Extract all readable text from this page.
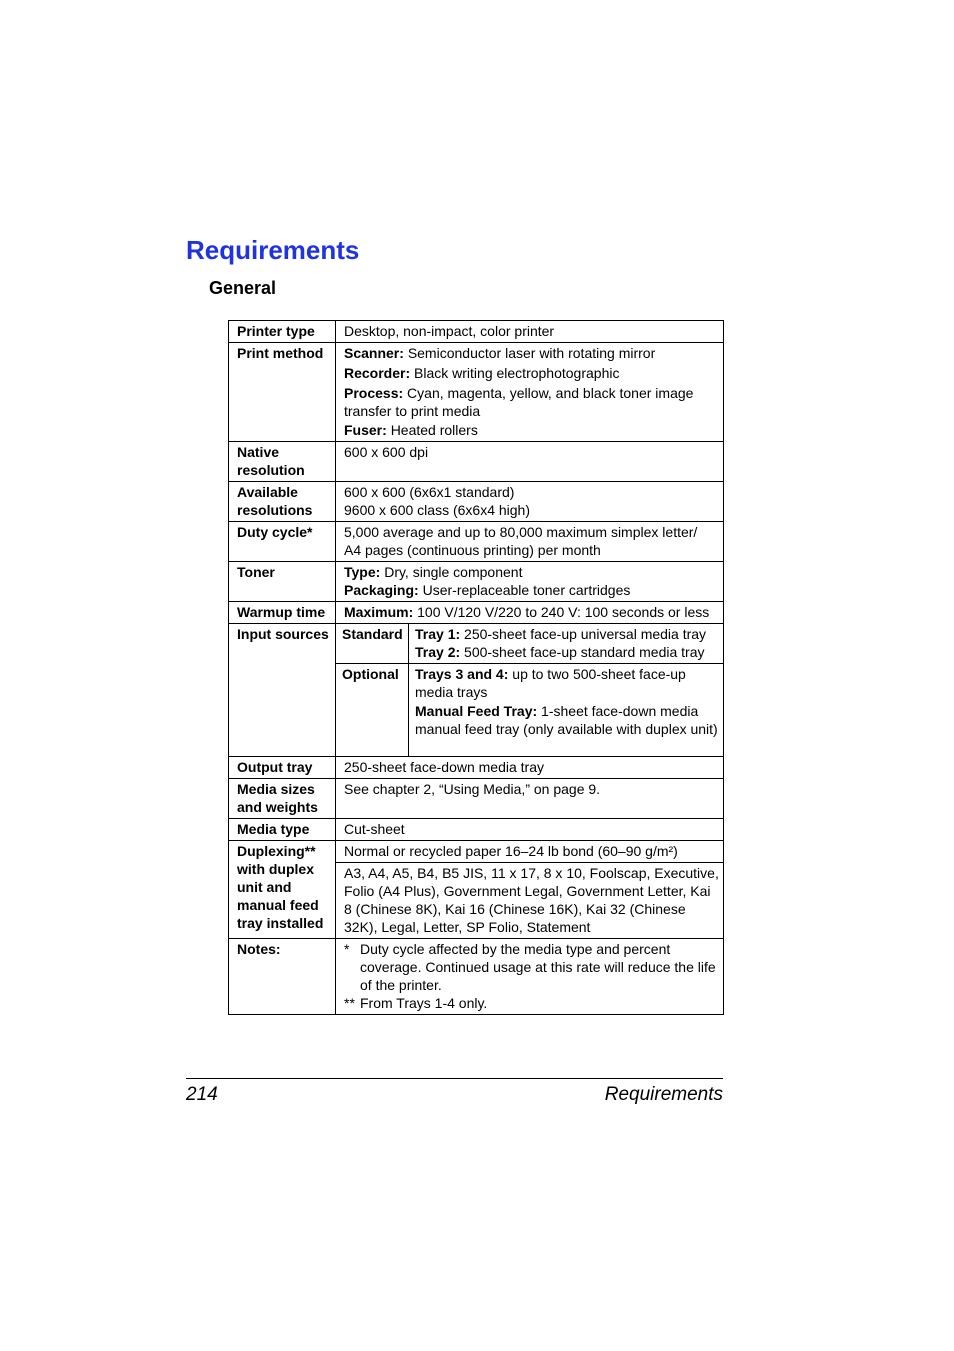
Requirements
General
Printer type	Desktop, non-impact, color printer	
Print method	Scanner: Semiconductor laser with rotating mirror
Recorder: Black writing electrophotographic
Process: Cyan, magenta, yellow, and black toner image transfer to print media
Fuser: Heated rollers	

Native
resolution	600 x 600 dpi	

Available
resolutions	600 x 600 (6x6x1 standard)
9600 x 600 class (6x6x4 high)	

Duty cycle*	5,000 average and up to 80,000 maximum simplex letter/
A4 pages (continuous printing) per month	

Toner	Type: Dry, single component
Packaging: User-replaceable toner cartridges	

Warmup time	Maximum: 100 V/120 V/220 to 240 V: 100 seconds or less	
Input sources	Standard	Tray 1: 250-sheet face-up universal media tray
Tray 2: 500-sheet face-up standard media tray

	Optional	Trays 3 and 4: up to two 500-sheet face-up media trays
Manual Feed Tray: 1-sheet face-down media manual feed tray (only available with duplex unit)

Output tray	250-sheet face-down media tray	

Media sizes
and weights	See chapter 2, “Using Media,” on page 9.	
Media type	Cut-sheet	

Duplexing**
with duplex
unit and
manual feed
tray installed	Normal or recycled paper 16–24 lb bond (60–90 g/m²)	
	A3, A4, A5, B4, B5 JIS, 11 x 17, 8 x 10, Foolscap, Executive, Folio (A4 Plus), Government Legal, Government Letter, Kai 8 (Chinese 8K), Kai 16 (Chinese 16K), Kai 32 (Chinese 32K), Legal, Letter, SP Folio, Statement	
Notes:	* Duty cycle affected by the media type and percent coverage. Continued usage at this rate will reduce the life of the printer.
** From Trays 1-4 only.	
214	Requirements
